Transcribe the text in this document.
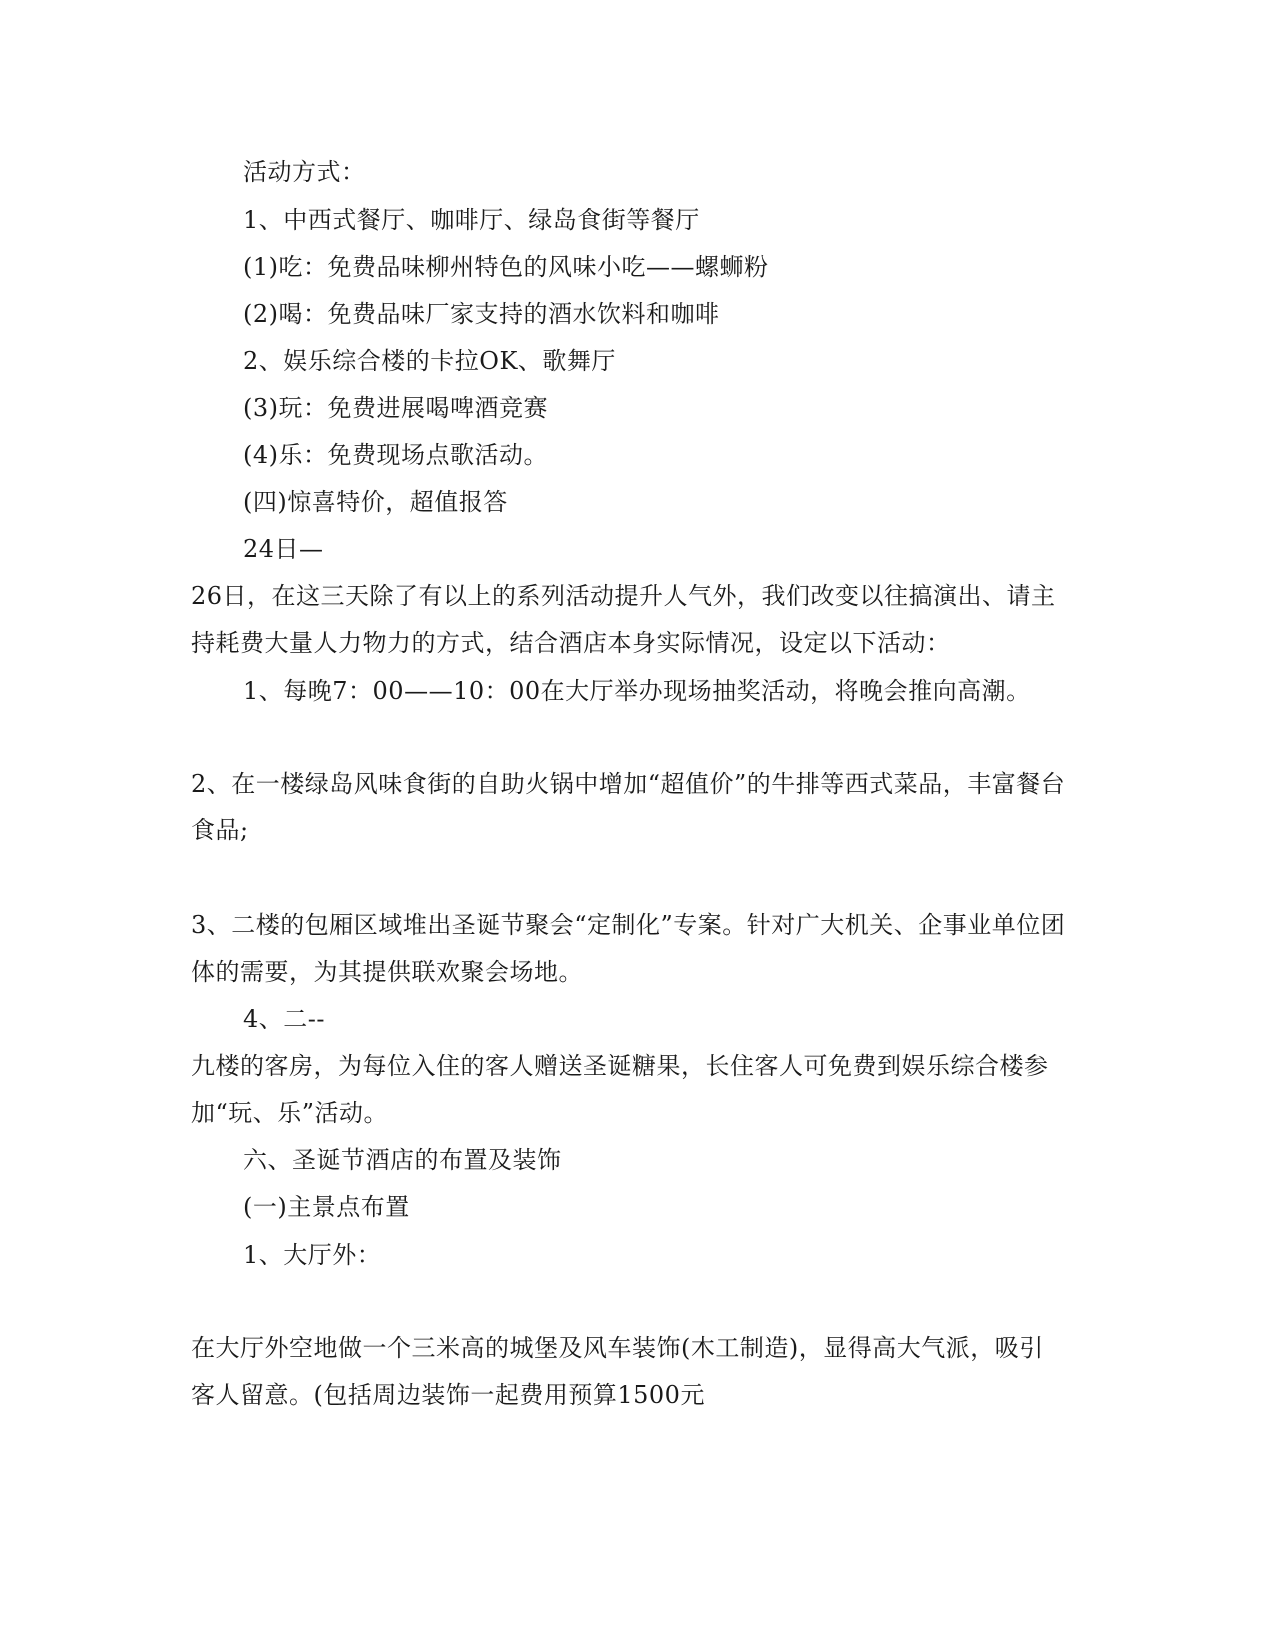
活动方式：
1、中西式餐厅、咖啡厅、绿岛食街等餐厅
(1)吃：免费品味柳州特色的风味小吃——螺蛳粉
(2)喝：免费品味厂家支持的酒水饮料和咖啡
2、娱乐综合楼的卡拉OK、歌舞厅
(3)玩：免费进展喝啤酒竞赛
(4)乐：免费现场点歌活动。
(四)惊喜特价，超值报答
24日—
26日，在这三天除了有以上的系列活动提升人气外，我们改变以往搞演出、请主
持耗费大量人力物力的方式，结合酒店本身实际情况，设定以下活动：
1、每晚7：00——10：00在大厅举办现场抽奖活动，将晚会推向高潮。
2、在一楼绿岛风味食街的自助火锅中增加“超值价”的牛排等西式菜品，丰富餐台
食品;
3、二楼的包厢区域堆出圣诞节聚会“定制化”专案。针对广大机关、企事业单位团
体的需要，为其提供联欢聚会场地。
4、二--
九楼的客房，为每位入住的客人赠送圣诞糖果，长住客人可免费到娱乐综合楼参
加“玩、乐”活动。
六、圣诞节酒店的布置及装饰
(一)主景点布置
1、大厅外：
在大厅外空地做一个三米高的城堡及风车装饰(木工制造)，显得高大气派，吸引
客人留意。(包括周边装饰一起费用预算1500元
